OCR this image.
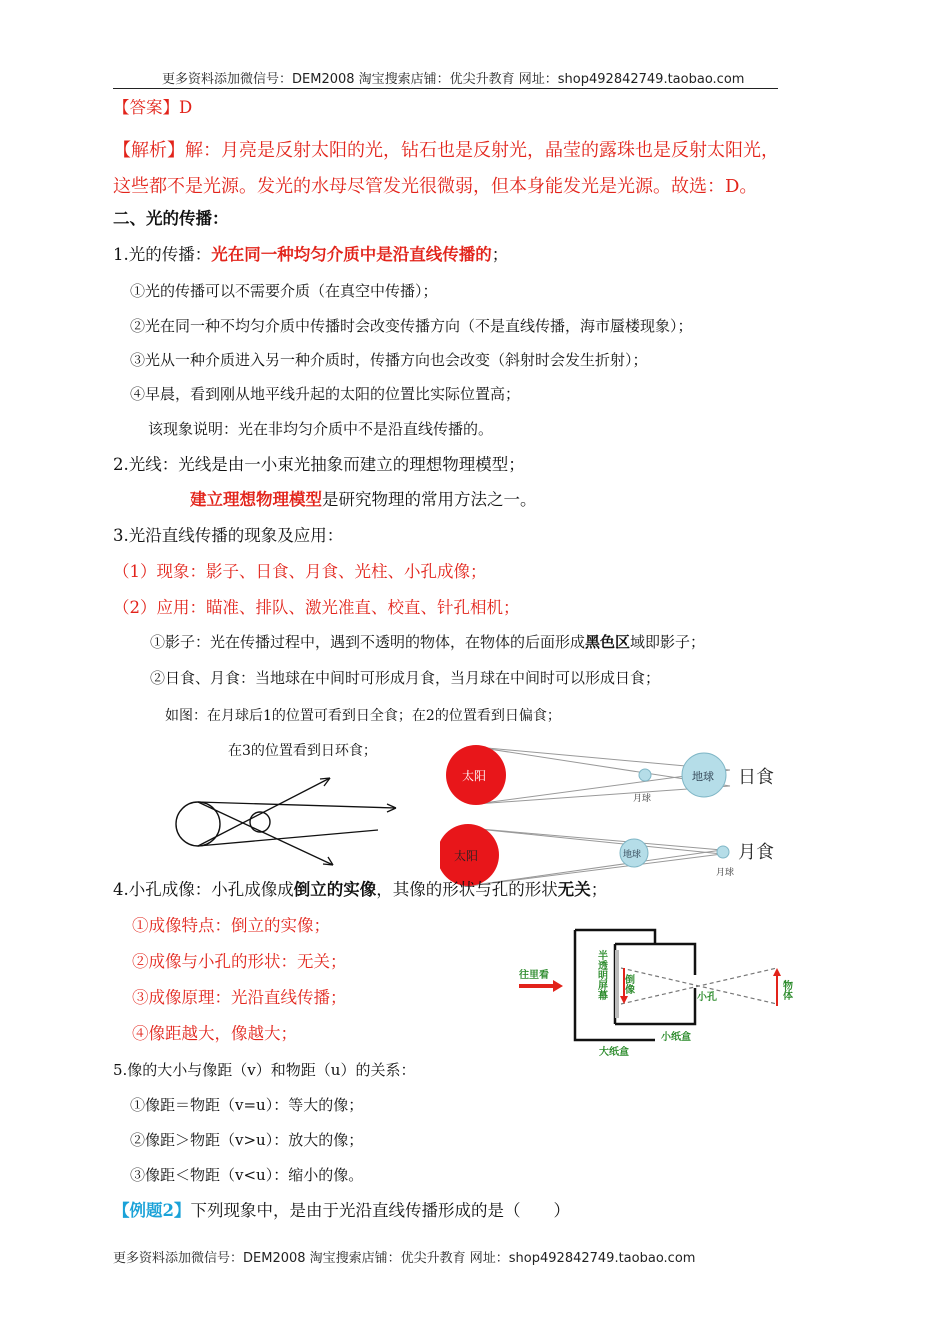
更多资料添加微信号：DEM2008 淘宝搜索店铺：优尖升教育 网址：shop492842749.taobao.com
【答案】D
【解析】解：月亮是反射太阳的光，钻石也是反射光，晶莹的露珠也是反射太阳光，
这些都不是光源。发光的水母尽管发光很微弱，但本身能发光是光源。故选：D。
二、光的传播：
1.光的传播：光在同一种均匀介质中是沿直线传播的；
①光的传播可以不需要介质（在真空中传播）；
②光在同一种不均匀介质中传播时会改变传播方向（不是直线传播，海市蜃楼现象）；
③光从一种介质进入另一种介质时，传播方向也会改变（斜射时会发生折射）；
④早晨，看到刚从地平线升起的太阳的位置比实际位置高；
该现象说明：光在非均匀介质中不是沿直线传播的。
2.光线：光线是由一小束光抽象而建立的理想物理模型；
建立理想物理模型是研究物理的常用方法之一。
3.光沿直线传播的现象及应用：
（1）现象：影子、日食、月食、光柱、小孔成像；
（2）应用：瞄准、排队、激光准直、校直、针孔相机；
①影子：光在传播过程中，遇到不透明的物体，在物体的后面形成黑色区域即影子；
②日食、月食：当地球在中间时可形成月食，当月球在中间时可以形成日食；
如图：在月球后1的位置可看到日全食；在2的位置看到日偏食；
在3的位置看到日环食；
太阳
月球
地球 日食
太阳	地球
月球
月食
4.小孔成像：小孔成像成倒立的实像，其像的形状与孔的形状无关；
①成像特点：倒立的实像；
②成像与小孔的形状：无关；
③成像原理：光沿直线传播；
④像距越大，像越大；
往里看	半透明屏幕 倒像
小孔	物体
小纸盒
大纸盒
5.像的大小与像距（v）和物距（u）的关系：
①像距＝物距（v=u）：等大的像；
②像距＞物距（v>u）：放大的像；
③像距＜物距（v<u）：缩小的像。
【例题2】下列现象中，是由于光沿直线传播形成的是（　　）
更多资料添加微信号：DEM2008 淘宝搜索店铺：优尖升教育 网址：shop492842749.taobao.com
